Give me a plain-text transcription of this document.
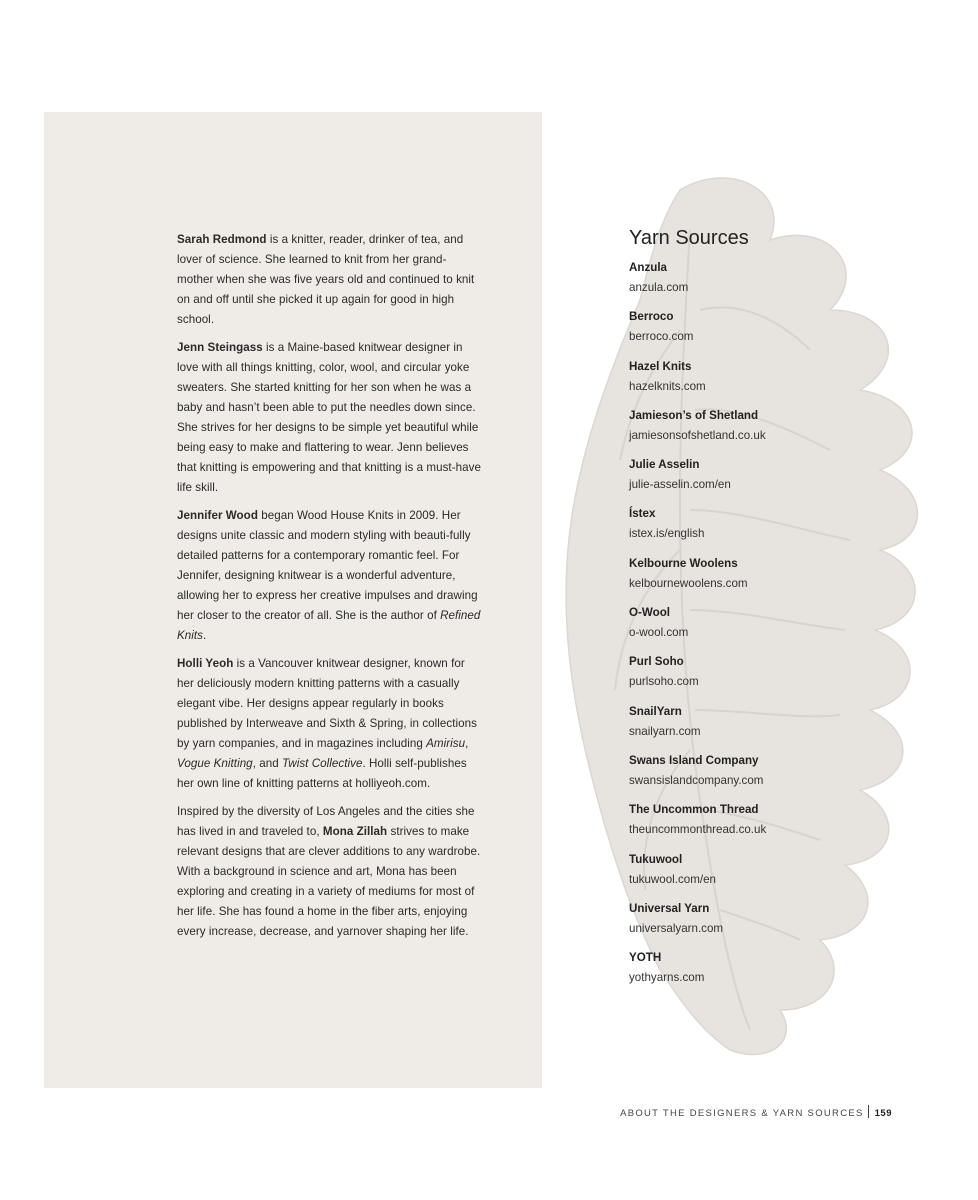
Sarah Redmond is a knitter, reader, drinker of tea, and lover of science. She learned to knit from her grand-mother when she was five years old and continued to knit on and off until she picked it up again for good in high school.

Jenn Steingass is a Maine-based knitwear designer in love with all things knitting, color, wool, and circular yoke sweaters. She started knitting for her son when he was a baby and hasn’t been able to put the needles down since. She strives for her designs to be simple yet beautiful while being easy to make and flattering to wear. Jenn believes that knitting is empowering and that knitting is a must-have life skill.

Jennifer Wood began Wood House Knits in 2009. Her designs unite classic and modern styling with beauti-fully detailed patterns for a contemporary romantic feel. For Jennifer, designing knitwear is a wonderful adventure, allowing her to express her creative impulses and drawing her closer to the creator of all. She is the author of Refined Knits.

Holli Yeoh is a Vancouver knitwear designer, known for her deliciously modern knitting patterns with a casually elegant vibe. Her designs appear regularly in books published by Interweave and Sixth & Spring, in collections by yarn companies, and in magazines including Amirisu, Vogue Knitting, and Twist Collective. Holli self-publishes her own line of knitting patterns at holliyeoh.com.

Inspired by the diversity of Los Angeles and the cities she has lived in and traveled to, Mona Zillah strives to make relevant designs that are clever additions to any wardrobe. With a background in science and art, Mona has been exploring and creating in a variety of mediums for most of her life. She has found a home in the fiber arts, enjoying every increase, decrease, and yarnover shaping her life.

Yarn Sources
Anzula
anzula.com
Berroco
berroco.com
Hazel Knits
hazelknits.com
Jamieson’s of Shetland
jamiesonsofshetland.co.uk
Julie Asselin
julie-asselin.com/en
Ístex
istex.is/english
Kelbourne Woolens
kelbournewoolens.com
O-Wool
o-wool.com
Purl Soho
purlsoho.com
SnailYarn
snailyarn.com
Swans Island Company
swansislandcompany.com
The Uncommon Thread
theuncommonthread.co.uk
Tukuwool
tukuwool.com/en
Universal Yarn
universalyarn.com
YOTH
yothyarns.com
ABOUT THE DESIGNERS & YARN SOURCES 159
